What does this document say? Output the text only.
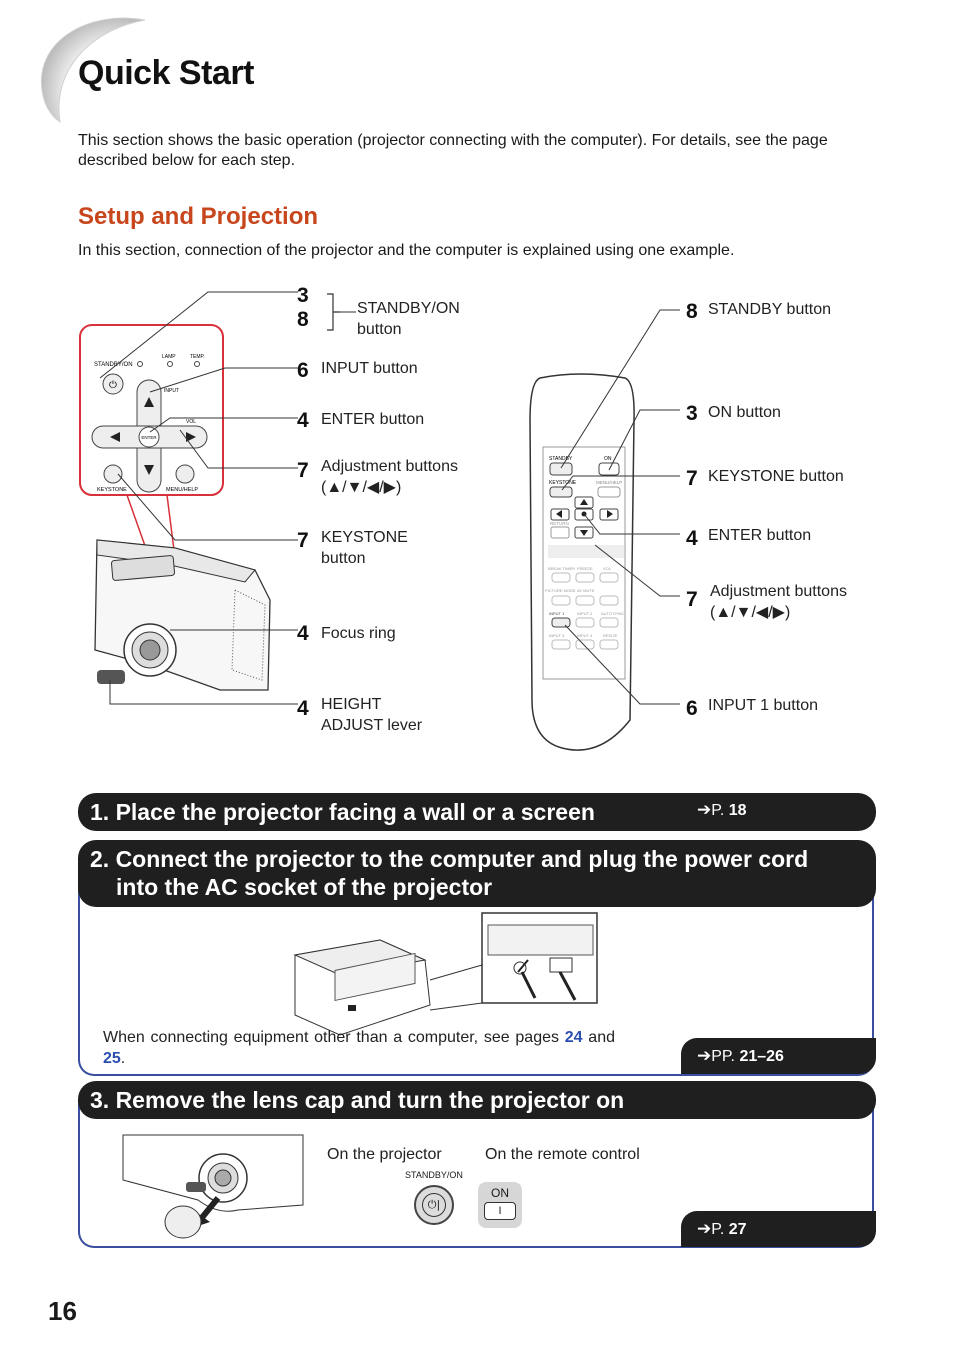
Quick Start
This section shows the basic operation (projector connecting with the computer). For details, see the page described below for each step.
Setup and Projection
In this section, connection of the projector and the computer is explained using one example.
⏻
STANDBY/ON
LAMP	TEMP.
ENTER
INPUT
VOL
KEYSTONE	MENU/HELP
STANDBY	ON
KEYSTONE	MENU/HELP
RETURN
BREAK TIMER FREEZE	VOL
PICTURE MODE AV MUTE
INPUT 1	INPUT 2 AUTO SYNC
INPUT 3	INPUT 4	RESIZE
3
8	STANDBY/ON
button
6 INPUT button
4 ENTER button
7 Adjustment buttons
(▲/▼/◀/▶)
7 KEYSTONE
button
4 Focus ring
4 HEIGHT
ADJUST lever
8 STANDBY button
3 ON button
7 KEYSTONE button
4 ENTER button
7 Adjustment buttons
(▲/▼/◀/▶)
6 INPUT 1 button
1. Place the projector facing a wall or a screen	➔P. 18
2. Connect the projector to the computer and plug the power cord
into the AC socket of the projector
When connecting equipment other than a computer, see pages 24 and 25.	➔PP. 21–26
3. Remove the lens cap and turn the projector on
On the projector	On the remote control
STANDBY/ON
⏻|
ON
I
➔P. 27
16
